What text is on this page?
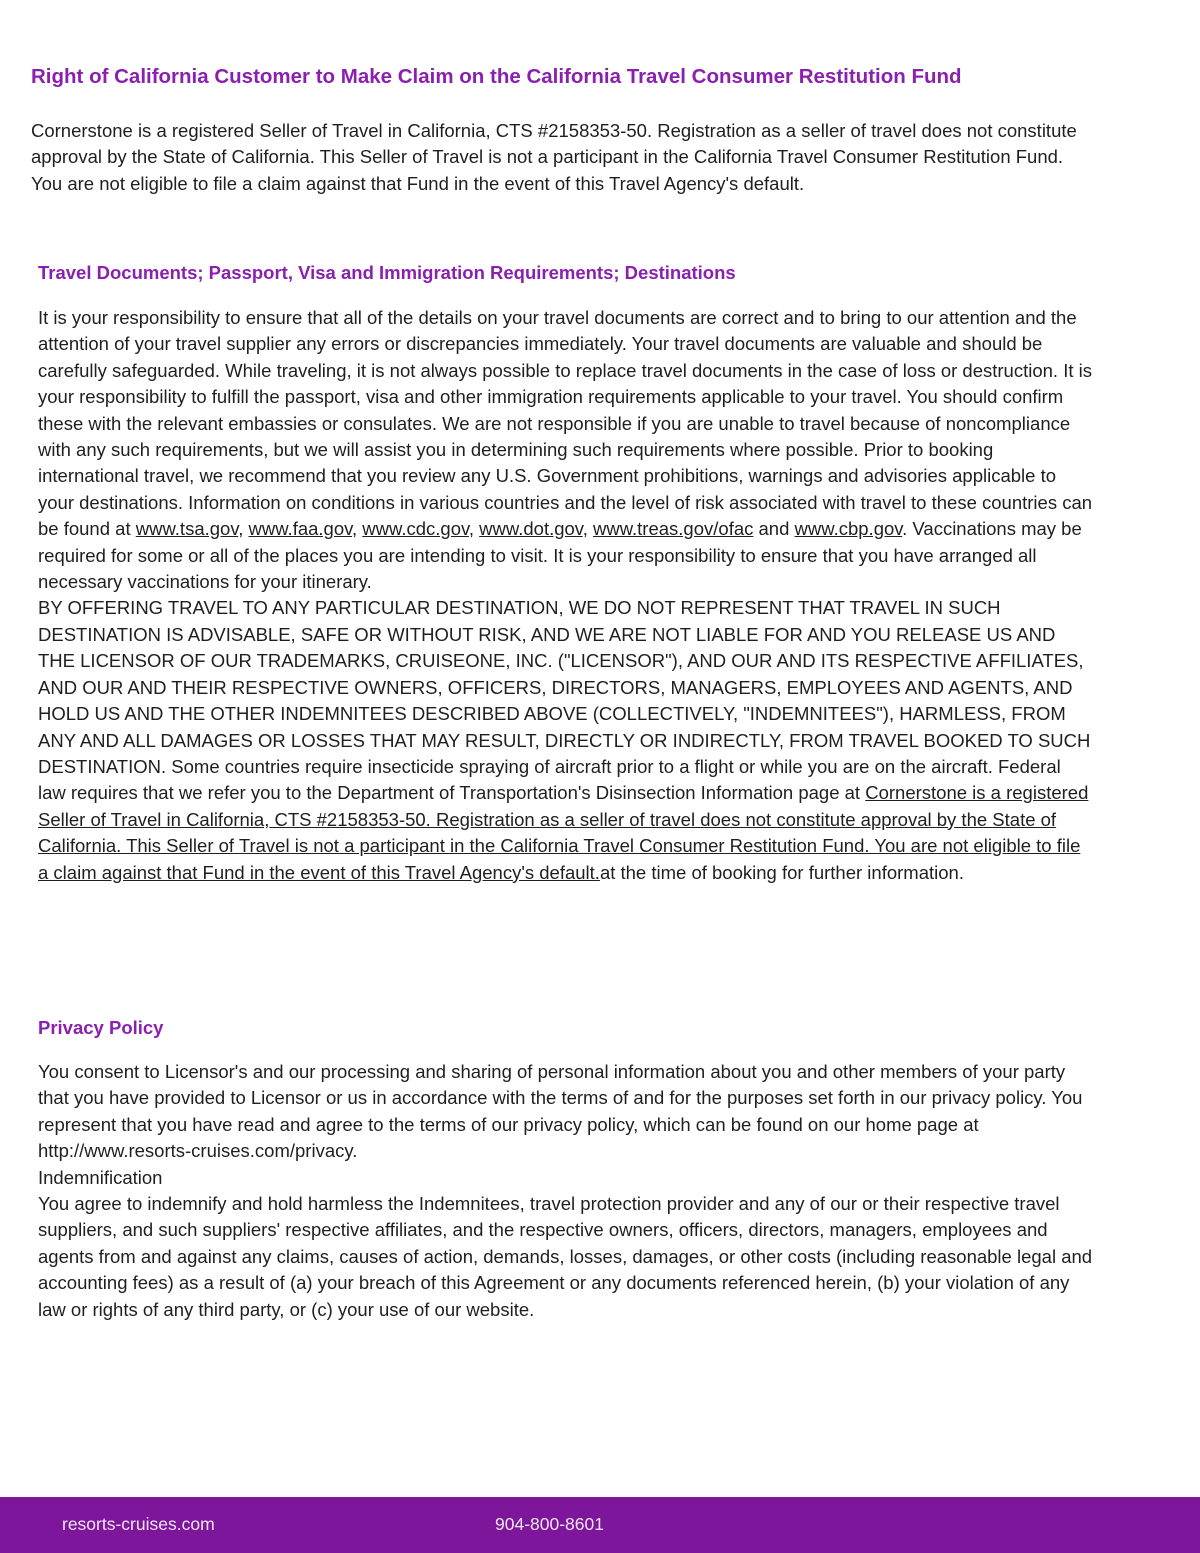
Right of California Customer to Make Claim on the California Travel Consumer Restitution Fund

Cornerstone is a registered Seller of Travel in California, CTS #2158353-50. Registration as a seller of travel does not constitute approval by the State of California. This Seller of Travel is not a participant in the California Travel Consumer Restitution Fund. You are not eligible to file a claim against that Fund in the event of this Travel Agency's default.

Travel Documents; Passport, Visa and Immigration Requirements; Destinations

It is your responsibility to ensure that all of the details on your travel documents are correct and to bring to our attention and the attention of your travel supplier any errors or discrepancies immediately. Your travel documents are valuable and should be carefully safeguarded. While traveling, it is not always possible to replace travel documents in the case of loss or destruction. It is your responsibility to fulfill the passport, visa and other immigration requirements applicable to your travel. You should confirm these with the relevant embassies or consulates. We are not responsible if you are unable to travel because of noncompliance with any such requirements, but we will assist you in determining such requirements where possible. Prior to booking international travel, we recommend that you review any U.S. Government prohibitions, warnings and advisories applicable to your destinations. Information on conditions in various countries and the level of risk associated with travel to these countries can be found at www.tsa.gov, www.faa.gov, www.cdc.gov, www.dot.gov, www.treas.gov/ofac and www.cbp.gov. Vaccinations may be required for some or all of the places you are intending to visit. It is your responsibility to ensure that you have arranged all necessary vaccinations for your itinerary.
BY OFFERING TRAVEL TO ANY PARTICULAR DESTINATION, WE DO NOT REPRESENT THAT TRAVEL IN SUCH DESTINATION IS ADVISABLE, SAFE OR WITHOUT RISK, AND WE ARE NOT LIABLE FOR AND YOU RELEASE US AND THE LICENSOR OF OUR TRADEMARKS, CRUISEONE, INC. ("LICENSOR"), AND OUR AND ITS RESPECTIVE AFFILIATES, AND OUR AND THEIR RESPECTIVE OWNERS, OFFICERS, DIRECTORS, MANAGERS, EMPLOYEES AND AGENTS, AND HOLD US AND THE OTHER INDEMNITEES DESCRIBED ABOVE (COLLECTIVELY, "INDEMNITEES"), HARMLESS, FROM ANY AND ALL DAMAGES OR LOSSES THAT MAY RESULT, DIRECTLY OR INDIRECTLY, FROM TRAVEL BOOKED TO SUCH DESTINATION. Some countries require insecticide spraying of aircraft prior to a flight or while you are on the aircraft. Federal law requires that we refer you to the Department of Transportation's Disinsection Information page at Cornerstone is a registered Seller of Travel in California, CTS #2158353-50. Registration as a seller of travel does not constitute approval by the State of California. This Seller of Travel is not a participant in the California Travel Consumer Restitution Fund. You are not eligible to file a claim against that Fund in the event of this Travel Agency's default.at the time of booking for further information.

Privacy Policy

You consent to Licensor's and our processing and sharing of personal information about you and other members of your party that you have provided to Licensor or us in accordance with the terms of and for the purposes set forth in our privacy policy. You represent that you have read and agree to the terms of our privacy policy, which can be found on our home page at http://www.resorts-cruises.com/privacy.
Indemnification
You agree to indemnify and hold harmless the Indemnitees, travel protection provider and any of our or their respective travel suppliers, and such suppliers' respective affiliates, and the respective owners, officers, directors, managers, employees and agents from and against any claims, causes of action, demands, losses, damages, or other costs (including reasonable legal and accounting fees) as a result of (a) your breach of this Agreement or any documents referenced herein, (b) your violation of any law or rights of any third party, or (c) your use of our website.

resorts-cruises.com	904-800-8601
